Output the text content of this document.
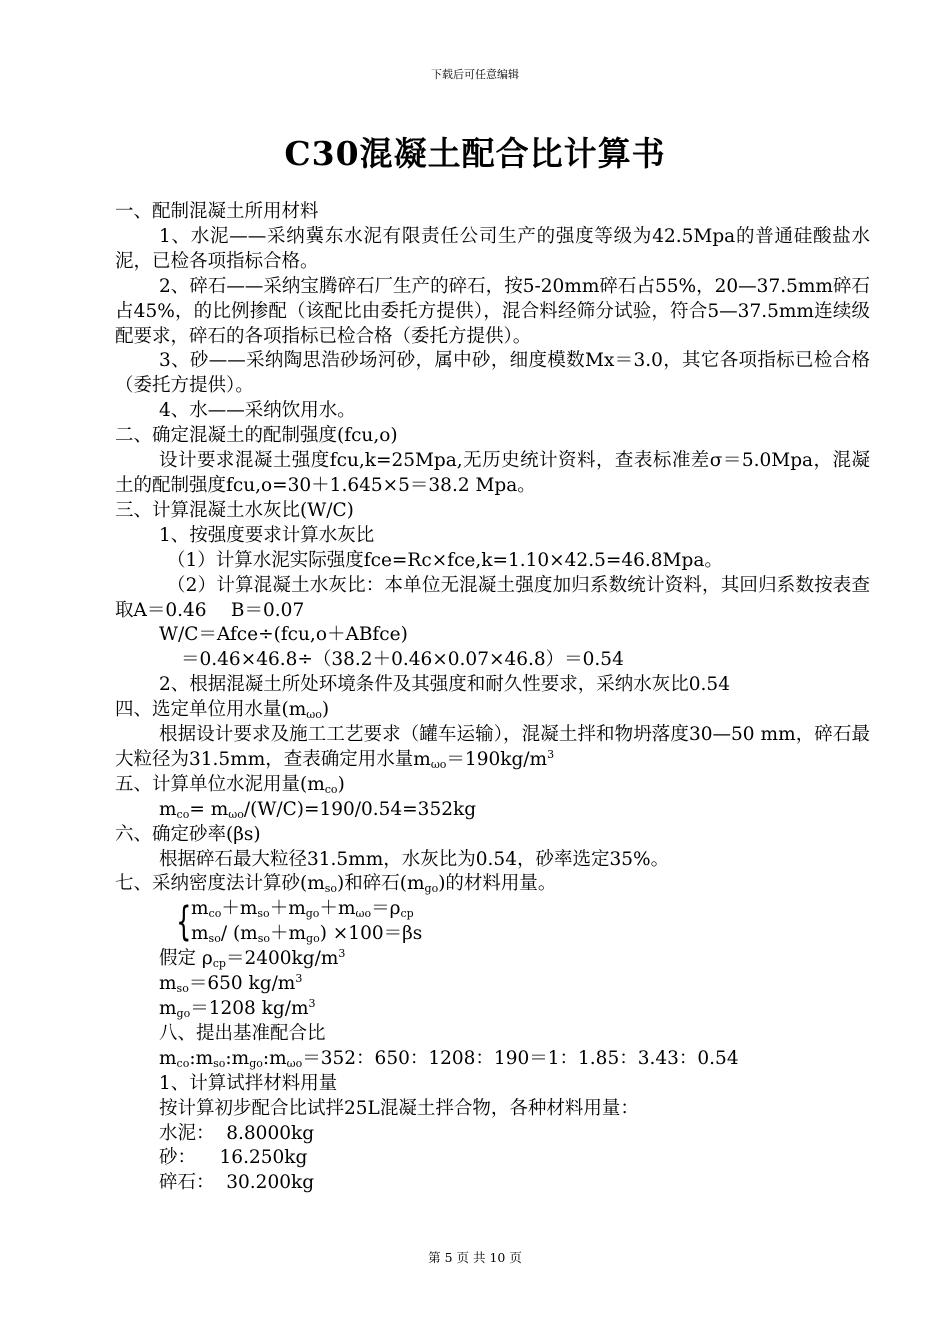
下载后可任意编辑
C30混凝土配合比计算书

一、配制混凝土所用材料

1、水泥——采纳冀东水泥有限责任公司生产的强度等级为42.5Mpa的普通硅酸盐水泥，已检各项指标合格。

2、碎石——采纳宝腾碎石厂生产的碎石，按5-20mm碎石占55%，20—37.5mm碎石占45%，的比例掺配（该配比由委托方提供），混合料经筛分试验，符合5—37.5mm连续级配要求，碎石的各项指标已检合格（委托方提供）。

3、砂——采纳陶思浩砂场河砂，属中砂，细度模数Mx＝3.0，其它各项指标已检合格（委托方提供）。

4、水——采纳饮用水。

二、确定混凝土的配制强度(fcu,o)

设计要求混凝土强度fcu,k=25Mpa,无历史统计资料，查表标准差σ＝5.0Mpa，混凝土的配制强度fcu,o=30＋1.645×5＝38.2 Mpa。

三、计算混凝土水灰比(W/C)

1、按强度要求计算水灰比

（1）计算水泥实际强度fce=Rc×fce,k=1.10×42.5=46.8Mpa。

（2）计算混凝土水灰比：本单位无混凝土强度加归系数统计资料，其回归系数按表查取A＝0.46　 B＝0.07

W/C＝Afce÷(fcu,o＋ABfce)

＝0.46×46.8÷（38.2＋0.46×0.07×46.8）＝0.54

2、根据混凝土所处环境条件及其强度和耐久性要求，采纳水灰比0.54

四、选定单位用水量$(m_{\omega o})$

根据设计要求及施工工艺要求（罐车运输），混凝土拌和物坍落度30—50 mm，碎石最大粒径为31.5mm，查表确定用水量$m_{\omega o}=190kg/m^3$

五、计算单位水泥用量$(m_{co})$

$m_{co}= m_{\omega o}/(W/C)=190/0.54=352kg$

六、确定砂率(βs)

根据碎石最大粒径31.5mm，水灰比为0.54，砂率选定35%。

七、采纳密度法计算砂$(m_{so})$和碎石$(m_{go})$的材料用量。

{ $m_{co}+m_{so}+m_{go}+m_{\omega o}=\rho_{cp}$

$m_{so}/$ $(m_{so}+m_{go}) \times 100=\beta s$

假定 $\rho_{cp}=2400kg/m^3$

$m_{so}=650$ $kg/m^3$

$m_{go}=1208$ $kg/m^3$

八、提出基准配合比

$m_{co}:m_{so}:m_{go}:m_{\omega o}=352$：650：1208：190＝1：1.85：3.43：0.54

1、计算试拌材料用量

按计算初步配合比试拌25L混凝土拌合物，各种材料用量：

水泥：  8.8000kg

砂：    16.250kg

碎石：  30.200kg

第 5 页 共 10 页
